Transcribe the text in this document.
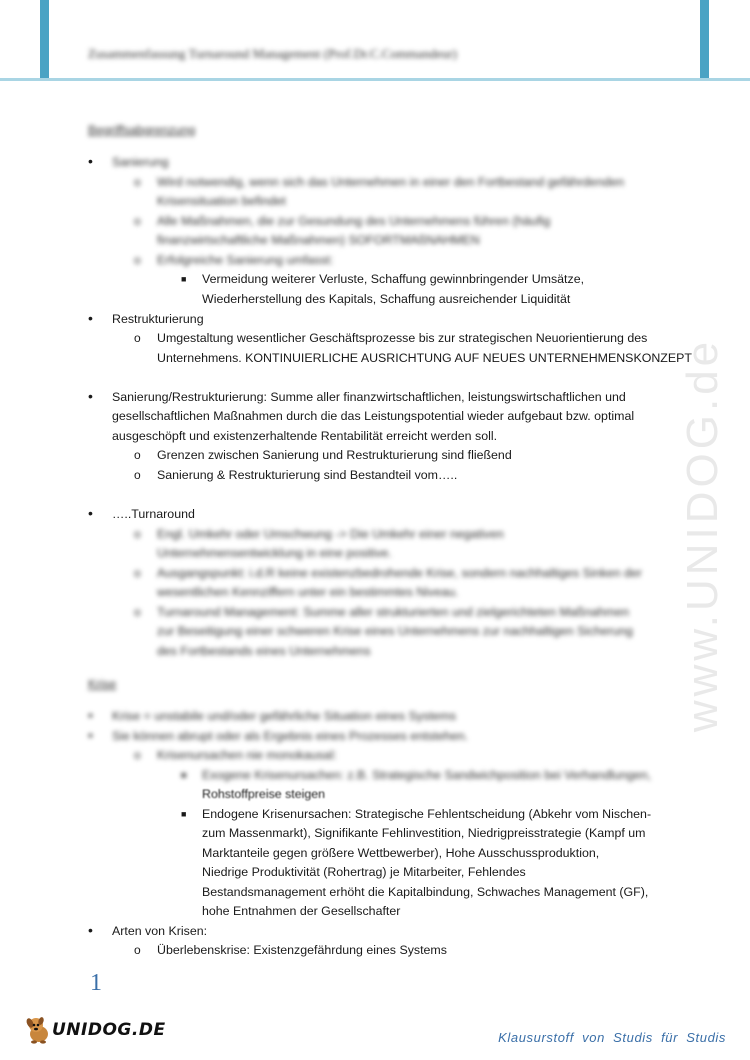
Zusammenfassung Turnaround Management (Prof.Dr.C.Commandeur)
www.UNIDOG.de
Begriffsabgrenzung
• Sanierung
o Wird notwendig, wenn sich das Unternehmen in einer den Fortbestand gefährdenden
Krisensituation befindet
o Alle Maßnahmen, die zur Gesundung des Unternehmens führen (häufig
finanzwirtschaftliche Maßnahmen) SOFORTMAßNAHMEN
o Erfolgreiche Sanierung umfasst:
■ Vermeidung weiterer Verluste, Schaffung gewinnbringender Umsätze,
Wiederherstellung des Kapitals, Schaffung ausreichender Liquidität
• Restrukturierung
o Umgestaltung wesentlicher Geschäftsprozesse bis zur strategischen Neuorientierung des
Unternehmens. KONTINUIERLICHE AUSRICHTUNG AUF NEUES UNTERNEHMENSKONZEPT
• Sanierung/Restrukturierung: Summe aller finanzwirtschaftlichen, leistungswirtschaftlichen und
gesellschaftlichen Maßnahmen durch die das Leistungspotential wieder aufgebaut bzw. optimal
ausgeschöpft und existenzerhaltende Rentabilität erreicht werden soll.
o Grenzen zwischen Sanierung und Restrukturierung sind fließend
o Sanierung & Restrukturierung sind Bestandteil vom…..
• …..Turnaround
o Engl. Umkehr oder Umschwung -> Die Umkehr einer negativen
Unternehmensentwicklung in eine positive.
o Ausgangspunkt: i.d.R keine existenzbedrohende Krise, sondern nachhaltiges Sinken der
wesentlichen Kennziffern unter ein bestimmtes Niveau.
o Turnaround Management: Summe aller strukturierten und zielgerichteten Maßnahmen
zur Beseitigung einer schweren Krise eines Unternehmens zur nachhaltigen Sicherung
des Fortbestands eines Unternehmens
Krise
• Krise = unstabile und/oder gefährliche Situation eines Systems
• Sie können abrupt oder als Ergebnis eines Prozesses entstehen.
o Krisenursachen nie monokausal:
■ Exogene Krisenursachen: z.B. Strategische Sandwichposition bei Verhandlungen,
Rohstoffpreise steigen
■ Endogene Krisenursachen: Strategische Fehlentscheidung (Abkehr vom Nischen-
zum Massenmarkt), Signifikante Fehlinvestition, Niedrigpreisstrategie (Kampf um
Marktanteile gegen größere Wettbewerber), Hohe Ausschussproduktion,
Niedrige Produktivität (Rohertrag) je Mitarbeiter, Fehlendes
Bestandsmanagement erhöht die Kapitalbindung, Schwaches Management (GF),
hohe Entnahmen der Gesellschafter
• Arten von Krisen:
o Überlebenskrise: Existenzgefährdung eines Systems
1
UNIDOG.DE	Klausurstoff von Studis für Studis
